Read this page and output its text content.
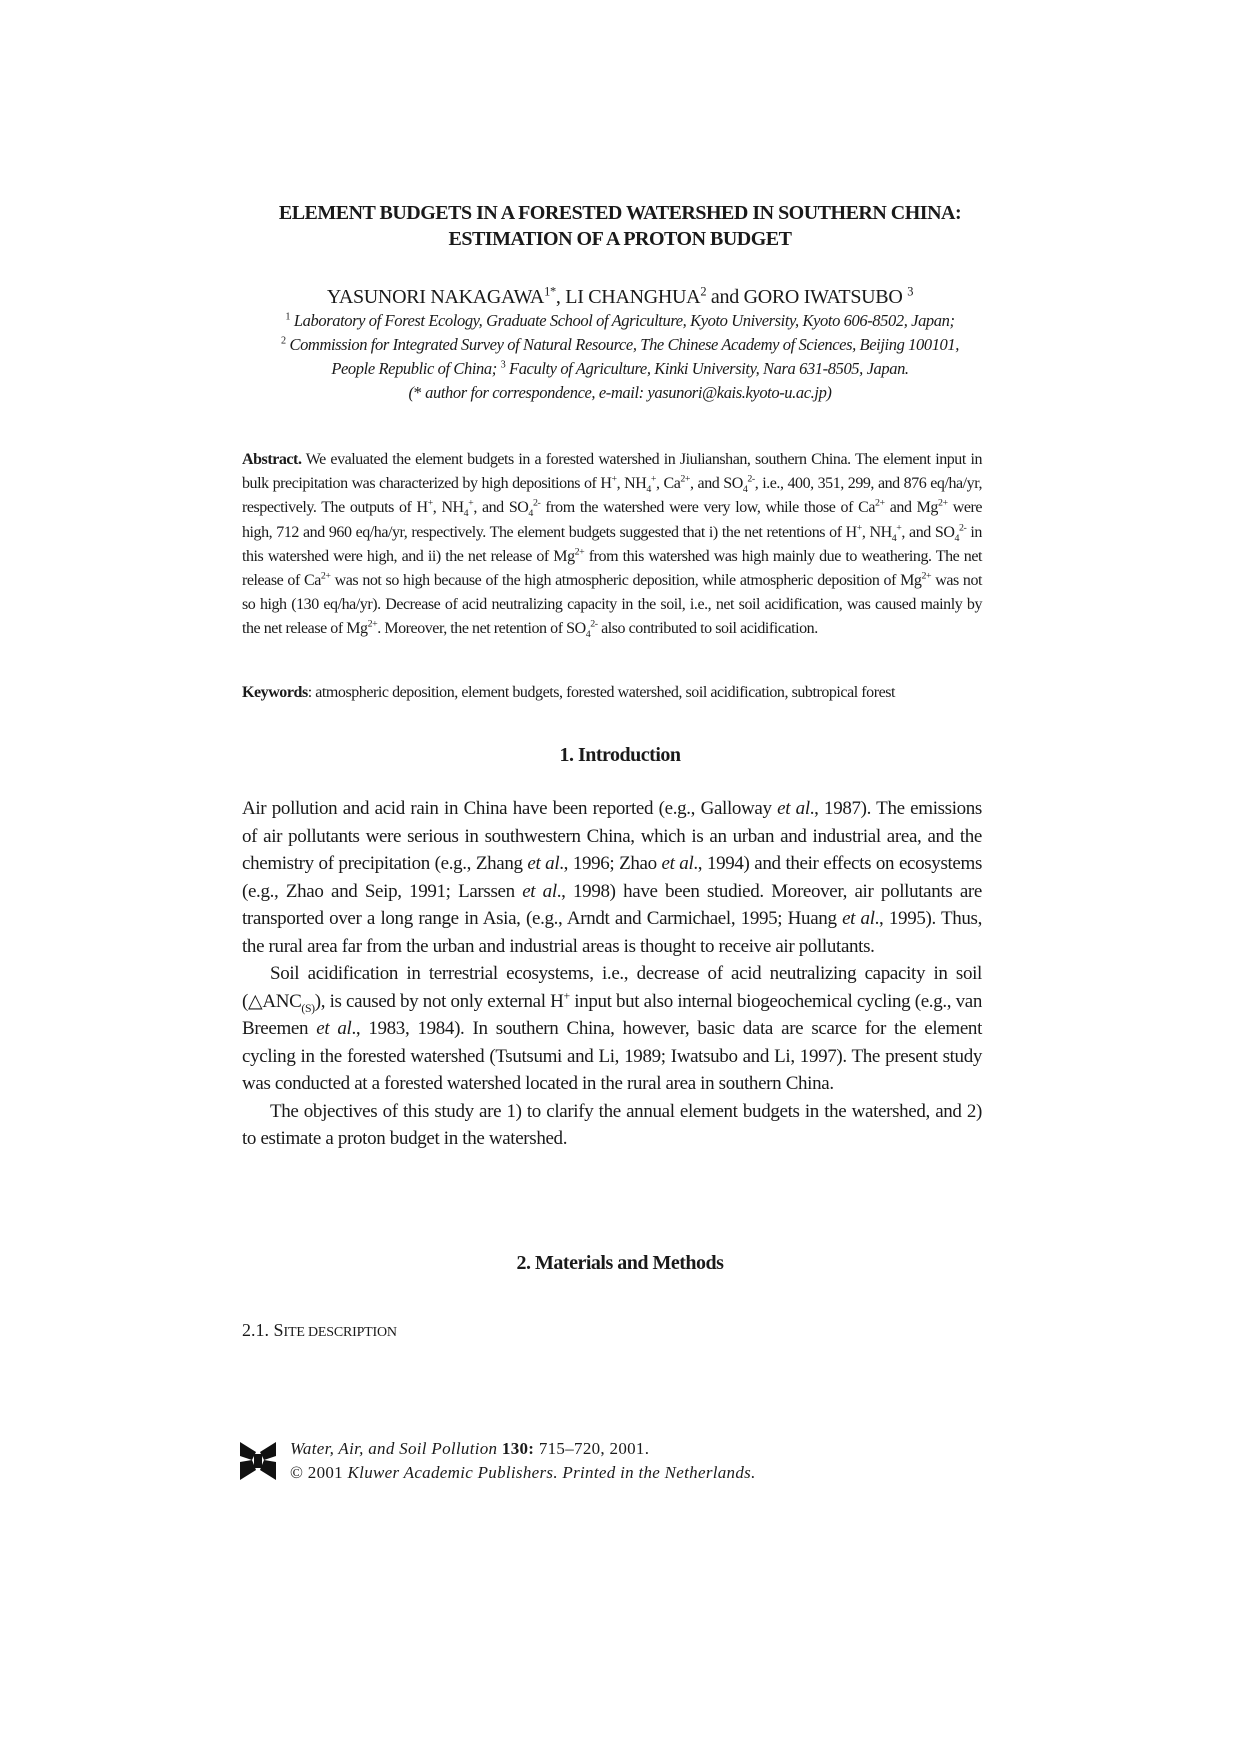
ELEMENT BUDGETS IN A FORESTED WATERSHED IN SOUTHERN CHINA:
ESTIMATION OF A PROTON BUDGET
YASUNORI $NAKAGAWA^{1*}$, LI CHANGHUA$^2$ and GORO IWATSUBO $^3$
$^1$ Laboratory of Forest Ecology, Graduate School of Agriculture, Kyoto University, Kyoto 606-8502, Japan;
$^2$ Commission for Integrated Survey of Natural Resource, The Chinese Academy of Sciences, Beijing 100101,
People Republic of China; $^3$ Faculty of Agriculture, Kinki University, Nara 631-8505, Japan.
(* author for correspondence, e-mail: yasunori@kais.kyoto-u.ac.jp)
Abstract. We evaluated the element budgets in a forested watershed in Jiulianshan, southern China. The element input in bulk precipitation was characterized by high depositions of H+, $NH_4^+$, $Ca^{2+}$, and $SO_4^{2-}$, i.e., 400, 351, 299, and 876 eq/ha/yr, respectively. The outputs of H+, $NH_4^+$, and $SO_4^{2-}$ from the watershed were very low, while those of $Ca^{2+}$ and $Mg^{2+}$ were high, 712 and 960 eq/ha/yr, respectively. The element budgets suggested that i) the net retentions of H+, $NH_4^+$, and $SO_4^{2-}$ in this watershed were high, and ii) the net release of $Mg^{2+}$ from this watershed was high mainly due to weathering. The net release of $Ca^{2+}$ was not so high because of the high atmospheric deposition, while atmospheric deposition of $Mg^{2+}$ was not so high (130 eq/ha/yr). Decrease of acid neutralizing capacity in the soil, i.e., net soil acidification, was caused mainly by the net release of $Mg^{2+}$. Moreover, the net retention of $SO_4^{2-}$ also contributed to soil acidification.
Keywords: atmospheric deposition, element budgets, forested watershed, soil acidification, subtropical forest
1. Introduction

Air pollution and acid rain in China have been reported (e.g., Galloway et al., 1987). The emissions of air pollutants were serious in southwestern China, which is an urban and industrial area, and the chemistry of precipitation (e.g., Zhang et al., 1996; Zhao et al., 1994) and their effects on ecosystems (e.g., Zhao and Seip, 1991; Larssen et al., 1998) have been studied. Moreover, air pollutants are transported over a long range in Asia, (e.g., Arndt and Carmichael, 1995; Huang et al., 1995). Thus, the rural area far from the urban and industrial areas is thought to receive air pollutants.

Soil acidification in terrestrial ecosystems, i.e., decrease of acid neutralizing capacity in soil $(\triangle ANC_{(S)})$, is caused by not only external H+ input but also internal biogeochemical cycling (e.g., van Breemen et al., 1983, 1984). In southern China, however, basic data are scarce for the element cycling in the forested watershed (Tsutsumi and Li, 1989; Iwatsubo and Li, 1997). The present study was conducted at a forested watershed located in the rural area in southern China.

The objectives of this study are 1) to clarify the annual element budgets in the watershed, and 2) to estimate a proton budget in the watershed.

2. Materials and Methods
2.1. SITE DESCRIPTION
Water, Air, and Soil Pollution 130: 715–720, 2001.
© 2001 Kluwer Academic Publishers. Printed in the Netherlands.
